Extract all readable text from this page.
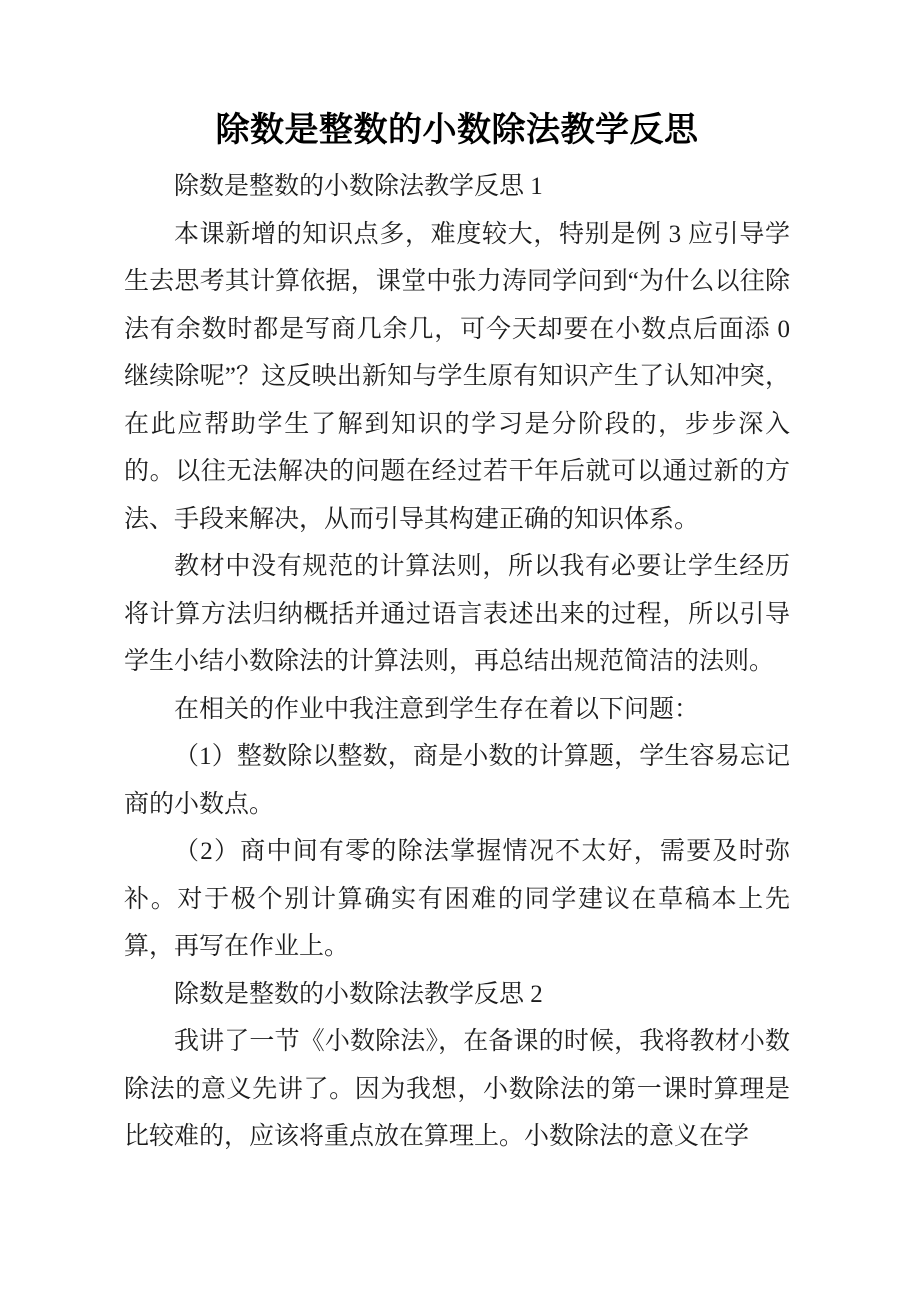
除数是整数的小数除法教学反思

除数是整数的小数除法教学反思 1

本课新增的知识点多，难度较大，特别是例 3 应引导学生去思考其计算依据，课堂中张力涛同学问到“为什么以往除法有余数时都是写商几余几，可今天却要在小数点后面添 0 继续除呢”？这反映出新知与学生原有知识产生了认知冲突，在此应帮助学生了解到知识的学习是分阶段的，步步深入的。以往无法解决的问题在经过若干年后就可以通过新的方法、手段来解决，从而引导其构建正确的知识体系。

教材中没有规范的计算法则，所以我有必要让学生经历将计算方法归纳概括并通过语言表述出来的过程，所以引导学生小结小数除法的计算法则，再总结出规范简洁的法则。

在相关的作业中我注意到学生存在着以下问题：

（1）整数除以整数，商是小数的计算题，学生容易忘记商的小数点。

（2）商中间有零的除法掌握情况不太好，需要及时弥补。对于极个别计算确实有困难的同学建议在草稿本上先算，再写在作业上。

除数是整数的小数除法教学反思 2

我讲了一节《小数除法》，在备课的时候，我将教材小数除法的意义先讲了。因为我想，小数除法的第一课时算理是比较难的，应该将重点放在算理上。小数除法的意义在学
